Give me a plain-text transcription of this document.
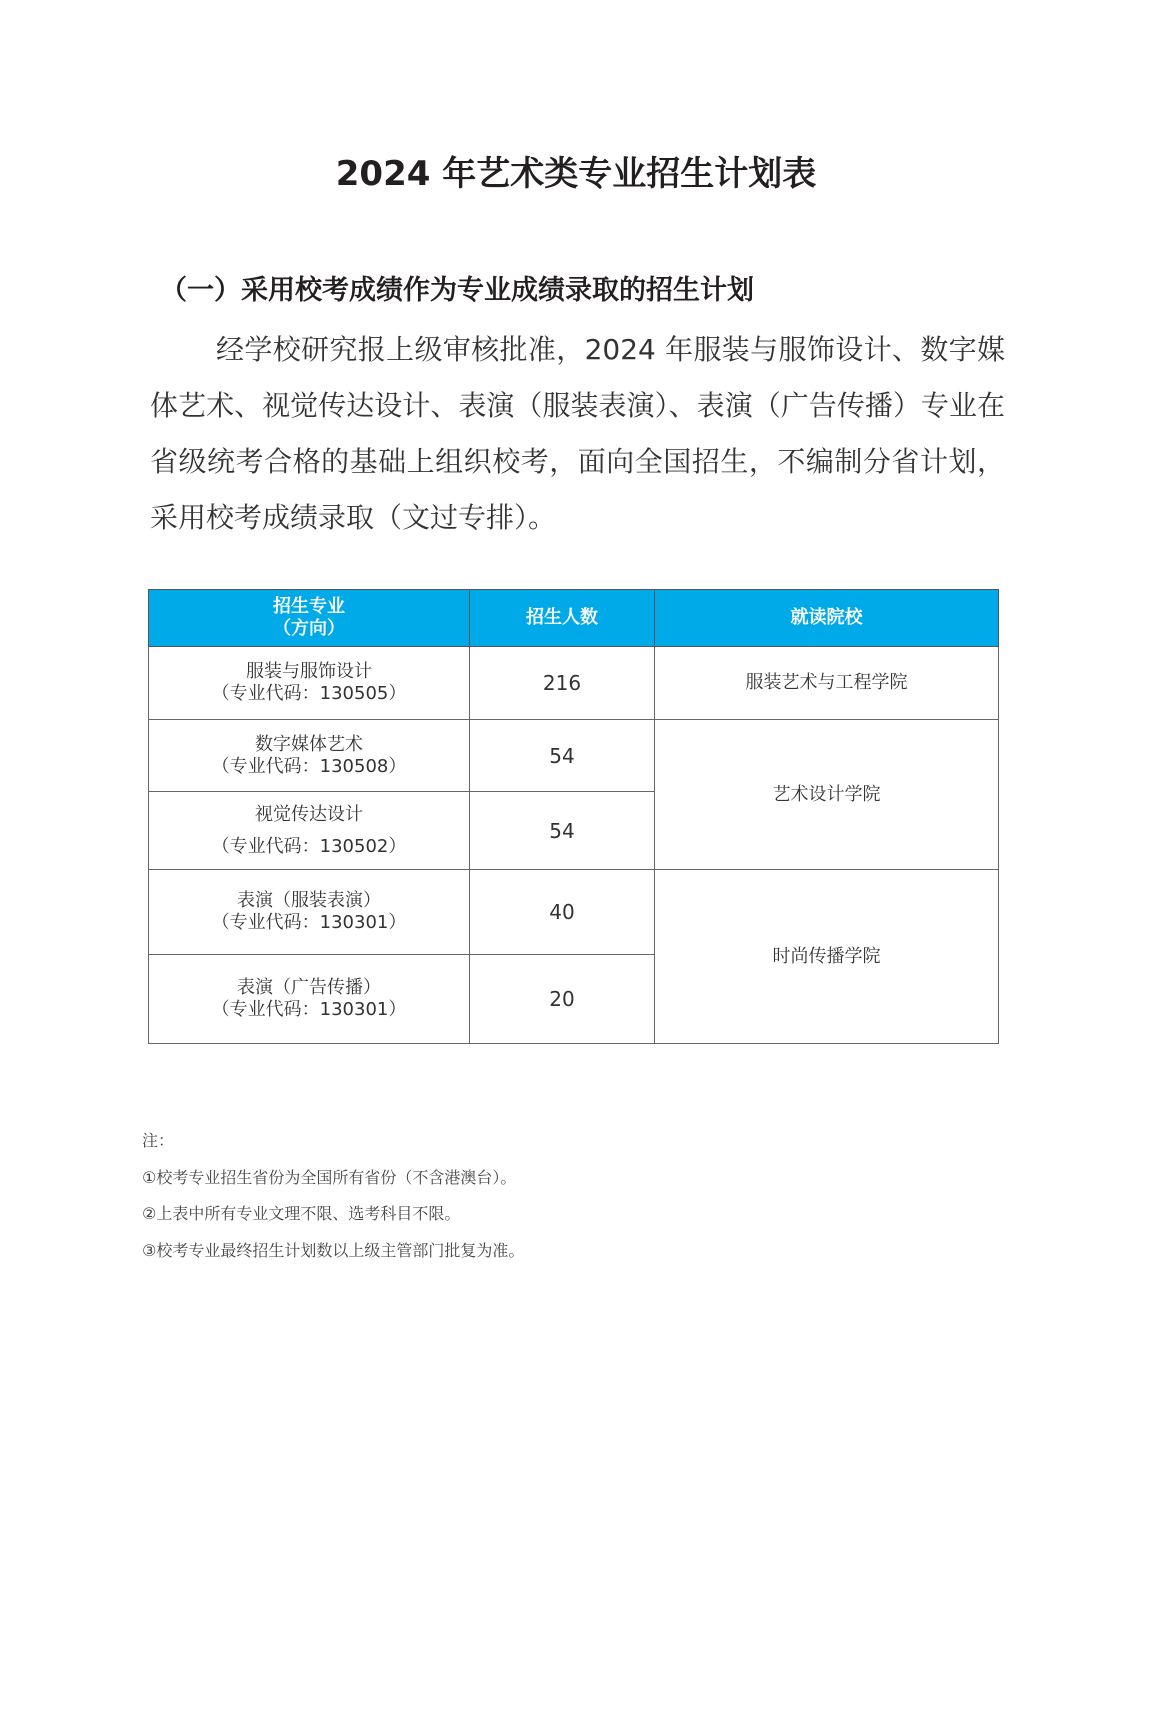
2024 年艺术类专业招生计划表
（一）采用校考成绩作为专业成绩录取的招生计划
经学校研究报上级审核批准，2024 年服装与服饰设计、数字媒体艺术、视觉传达设计、表演（服装表演）、表演（广告传播）专业在省级统考合格的基础上组织校考，面向全国招生，不编制分省计划，采用校考成绩录取（文过专排）。
招生专业
（方向）	招生人数	就读院校
服装与服饰设计
（专业代码：130505）	216	服装艺术与工程学院
数字媒体艺术
（专业代码：130508）	54	艺术设计学院
视觉传达设计
（专业代码：130502）	54	
表演（服装表演）
（专业代码：130301）	40	时尚传播学院
表演（广告传播）
（专业代码：130301）	20	
注：
①校考专业招生省份为全国所有省份（不含港澳台）。
②上表中所有专业文理不限、选考科目不限。
③校考专业最终招生计划数以上级主管部门批复为准。
